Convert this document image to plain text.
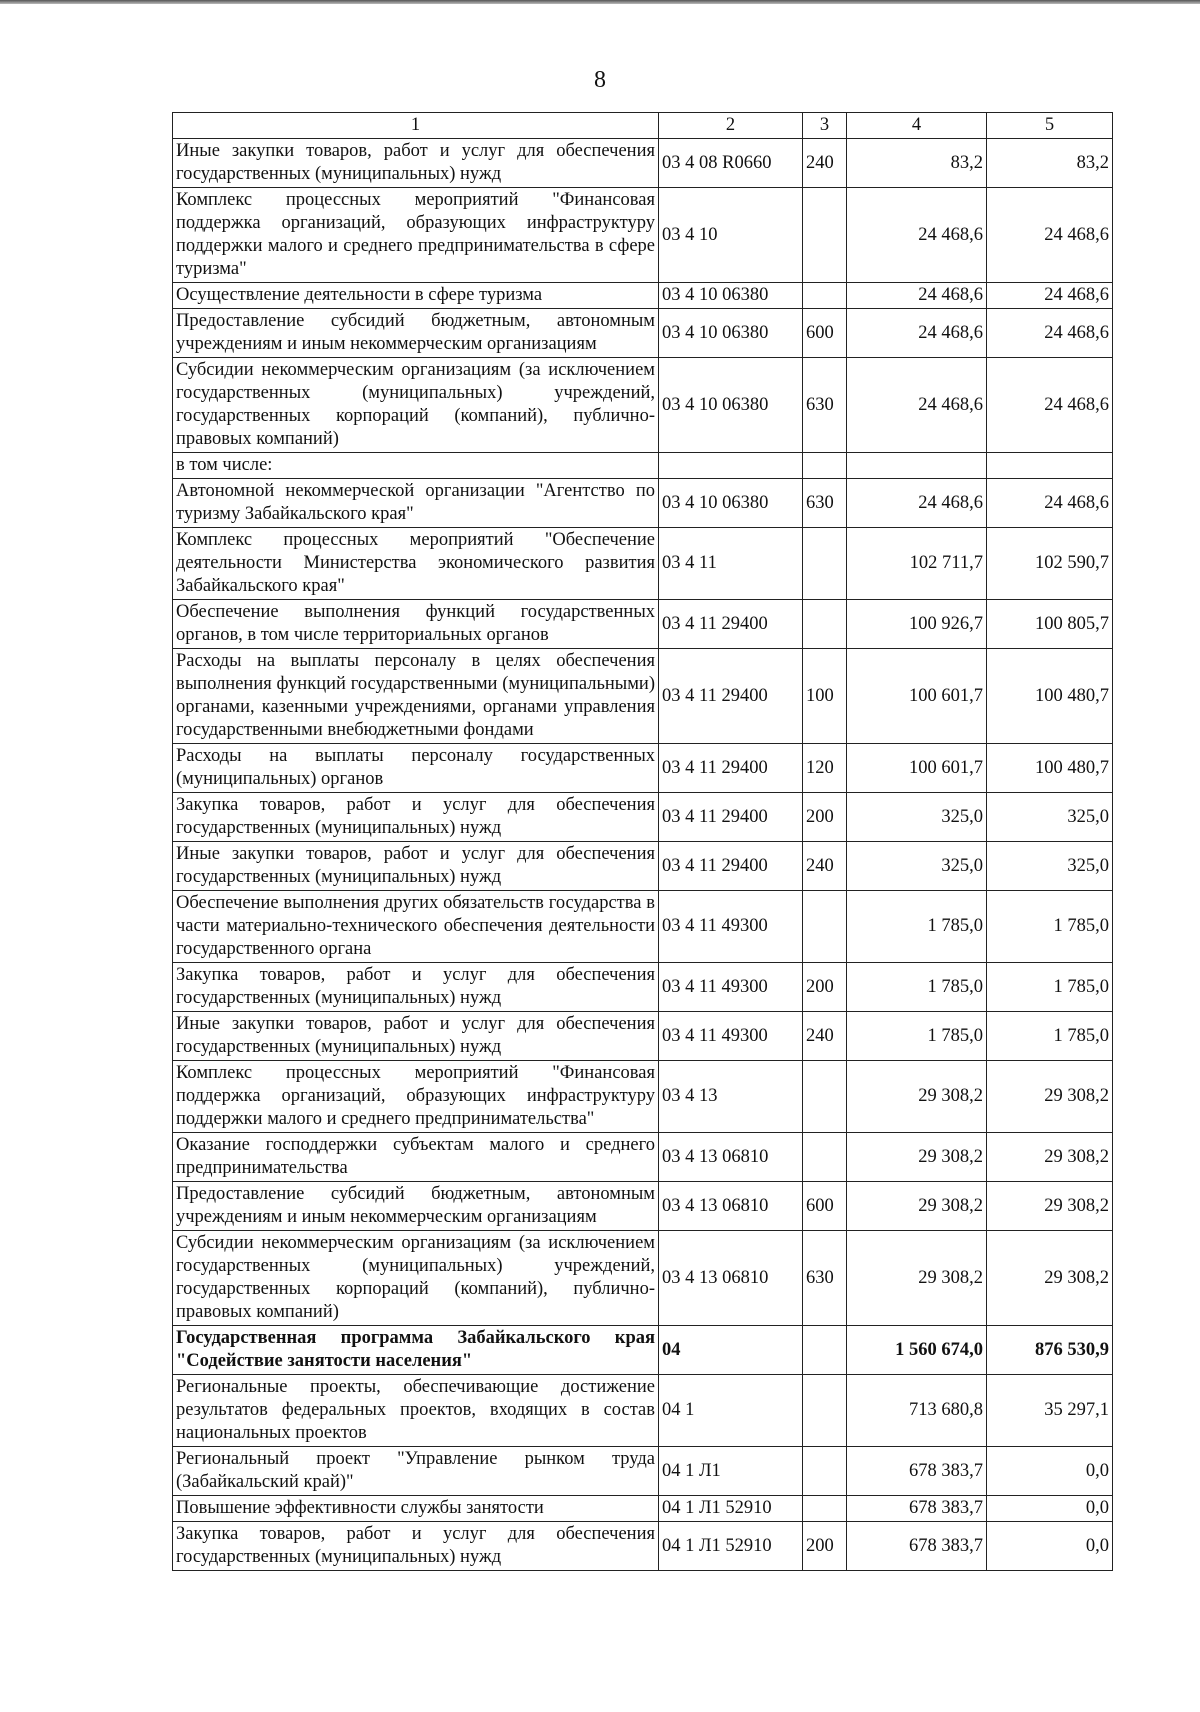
8
1	2	3	4	5
Иные закупки товаров, работ и услуг для обеспечения государственных (муниципальных) нужд	03 4 08 R0660	240	83,2	83,2
Комплекс процессных мероприятий "Финансовая поддержка организаций, образующих инфраструктуру поддержки малого и среднего предпринимательства в сфере туризма"	03 4 10		24 468,6	24 468,6
Осуществление деятельности в сфере туризма	03 4 10 06380		24 468,6	24 468,6
Предоставление субсидий бюджетным, автономным учреждениям и иным некоммерческим организациям	03 4 10 06380	600	24 468,6	24 468,6
Субсидии некоммерческим организациям (за исключением государственных (муниципальных) учреждений, государственных корпораций (компаний), публично-правовых компаний)	03 4 10 06380	630	24 468,6	24 468,6
в том числе:				
Автономной некоммерческой организации "Агентство по туризму Забайкальского края"	03 4 10 06380	630	24 468,6	24 468,6
Комплекс процессных мероприятий "Обеспечение деятельности Министерства экономического развития Забайкальского края"	03 4 11		102 711,7	102 590,7
Обеспечение выполнения функций государственных органов, в том числе территориальных органов	03 4 11 29400		100 926,7	100 805,7
Расходы на выплаты персоналу в целях обеспечения выполнения функций государственными (муниципальными) органами, казенными учреждениями, органами управления государственными внебюджетными фондами	03 4 11 29400	100	100 601,7	100 480,7
Расходы на выплаты персоналу государственных (муниципальных) органов	03 4 11 29400	120	100 601,7	100 480,7
Закупка товаров, работ и услуг для обеспечения государственных (муниципальных) нужд	03 4 11 29400	200	325,0	325,0
Иные закупки товаров, работ и услуг для обеспечения государственных (муниципальных) нужд	03 4 11 29400	240	325,0	325,0
Обеспечение выполнения других обязательств государства в части материально-технического обеспечения деятельности государственного органа	03 4 11 49300		1 785,0	1 785,0
Закупка товаров, работ и услуг для обеспечения государственных (муниципальных) нужд	03 4 11 49300	200	1 785,0	1 785,0
Иные закупки товаров, работ и услуг для обеспечения государственных (муниципальных) нужд	03 4 11 49300	240	1 785,0	1 785,0
Комплекс процессных мероприятий "Финансовая поддержка организаций, образующих инфраструктуру поддержки малого и среднего предпринимательства"	03 4 13		29 308,2	29 308,2
Оказание господдержки субъектам малого и среднего предпринимательства	03 4 13 06810		29 308,2	29 308,2
Предоставление субсидий бюджетным, автономным учреждениям и иным некоммерческим организациям	03 4 13 06810	600	29 308,2	29 308,2
Субсидии некоммерческим организациям (за исключением государственных (муниципальных) учреждений, государственных корпораций (компаний), публично-правовых компаний)	03 4 13 06810	630	29 308,2	29 308,2
Государственная программа Забайкальского края "Содействие занятости населения"	04		1 560 674,0	876 530,9
Региональные проекты, обеспечивающие достижение результатов федеральных проектов, входящих в состав национальных проектов	04 1		713 680,8	35 297,1
Региональный проект "Управление рынком труда (Забайкальский край)"	04 1 Л1		678 383,7	0,0
Повышение эффективности службы занятости	04 1 Л1 52910		678 383,7	0,0
Закупка товаров, работ и услуг для обеспечения государственных (муниципальных) нужд	04 1 Л1 52910	200	678 383,7	0,0
